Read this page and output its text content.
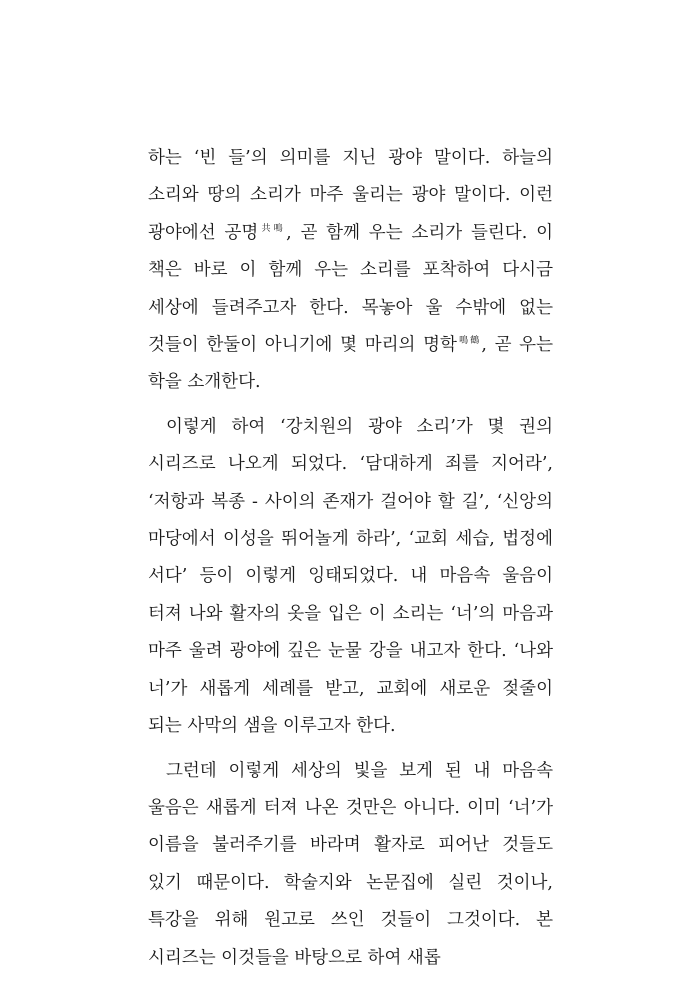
하는 ‘빈 들’의 의미를 지닌 광야 말이다. 하늘의 소리와 땅의 소리가 마주 울리는 광야 말이다. 이런 광야에선 공명$^{共鳴}$, 곧 함께 우는 소리가 들린다. 이 책은 바로 이 함께 우는 소리를 포착하여 다시금 세상에 들려주고자 한다. 목놓아 울 수밖에 없는 것들이 한둘이 아니기에 몇 마리의 명학$^{鳴鶴}$, 곧 우는 학을 소개한다.

이렇게 하여 ‘강치원의 광야 소리’가 몇 권의 시리즈로 나오게 되었다. ‘담대하게 죄를 지어라’, ‘저항과 복종 - 사이의 존재가 걸어야 할 길’, ‘신앙의 마당에서 이성을 뛰어놀게 하라’, ‘교회 세습, 법정에 서다’ 등이 이렇게 잉태되었다. 내 마음속 울음이 터져 나와 활자의 옷을 입은 이 소리는 ‘너’의 마음과 마주 울려 광야에 깊은 눈물 강을 내고자 한다. ‘나와 너’가 새롭게 세례를 받고, 교회에 새로운 젖줄이 되는 사막의 샘을 이루고자 한다.

그런데 이렇게 세상의 빛을 보게 된 내 마음속 울음은 새롭게 터져 나온 것만은 아니다. 이미 ‘너’가 이름을 불러주기를 바라며 활자로 피어난 것들도 있기 때문이다. 학술지와 논문집에 실린 것이나, 특강을 위해 원고로 쓰인 것들이 그것이다. 본 시리즈는 이것들을 바탕으로 하여 새롭
